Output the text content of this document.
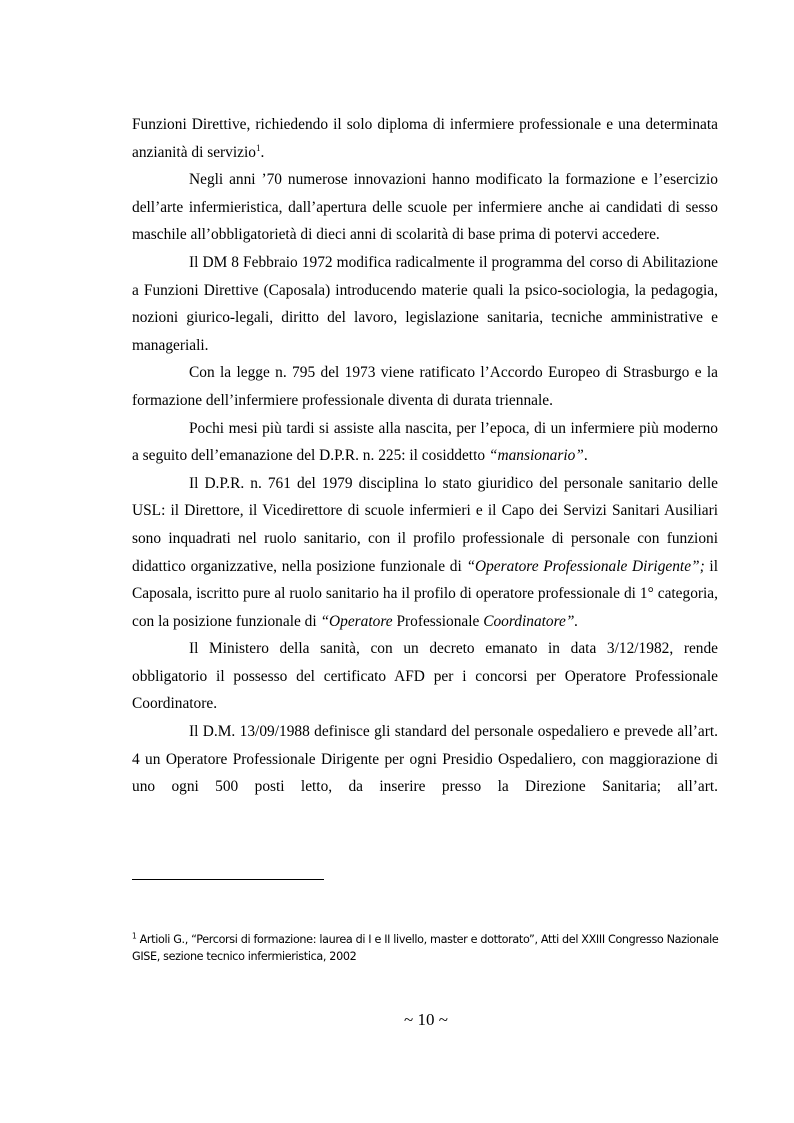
Funzioni Direttive, richiedendo il solo diploma di infermiere professionale e una determinata anzianità di servizio$^1$.

Negli anni ’70 numerose innovazioni hanno modificato la formazione e l’esercizio dell’arte infermieristica, dall’apertura delle scuole per infermiere anche ai candidati di sesso maschile all’obbligatorietà di dieci anni di scolarità di base prima di potervi accedere.

Il DM 8 Febbraio 1972 modifica radicalmente il programma del corso di Abilitazione a Funzioni Direttive (Caposala) introducendo materie quali la psico-sociologia, la pedagogia, nozioni giurico-legali, diritto del lavoro, legislazione sanitaria, tecniche amministrative e manageriali.

Con la legge n. 795 del 1973 viene ratificato l’Accordo Europeo di Strasburgo e la formazione dell’infermiere professionale diventa di durata triennale.

Pochi mesi più tardi si assiste alla nascita, per l’epoca, di un infermiere più moderno a seguito dell’emanazione del D.P.R. n. 225: il cosiddetto “mansionario”.

Il D.P.R. n. 761 del 1979 disciplina lo stato giuridico del personale sanitario delle USL: il Direttore, il Vicedirettore di scuole infermieri e il Capo dei Servizi Sanitari Ausiliari sono inquadrati nel ruolo sanitario, con il profilo professionale di personale con funzioni didattico organizzative, nella posizione funzionale di “Operatore Professionale Dirigente”; il Caposala, iscritto pure al ruolo sanitario ha il profilo di operatore professionale di 1° categoria, con la posizione funzionale di “Operatore Professionale Coordinatore”.

Il Ministero della sanità, con un decreto emanato in data 3/12/1982, rende obbligatorio il possesso del certificato AFD per i concorsi per Operatore Professionale Coordinatore.

Il D.M. 13/09/1988 definisce gli standard del personale ospedaliero e prevede all’art. 4 un Operatore Professionale Dirigente per ogni Presidio Ospedaliero, con maggiorazione di uno ogni 500 posti letto, da inserire presso la Direzione Sanitaria; all’art.

$^1$ Artioli G., “Percorsi di formazione: laurea di I e II livello, master e dottorato”, Atti del XXIII Congresso Nazionale GISE, sezione tecnico infermieristica, 2002
~ 10 ~
